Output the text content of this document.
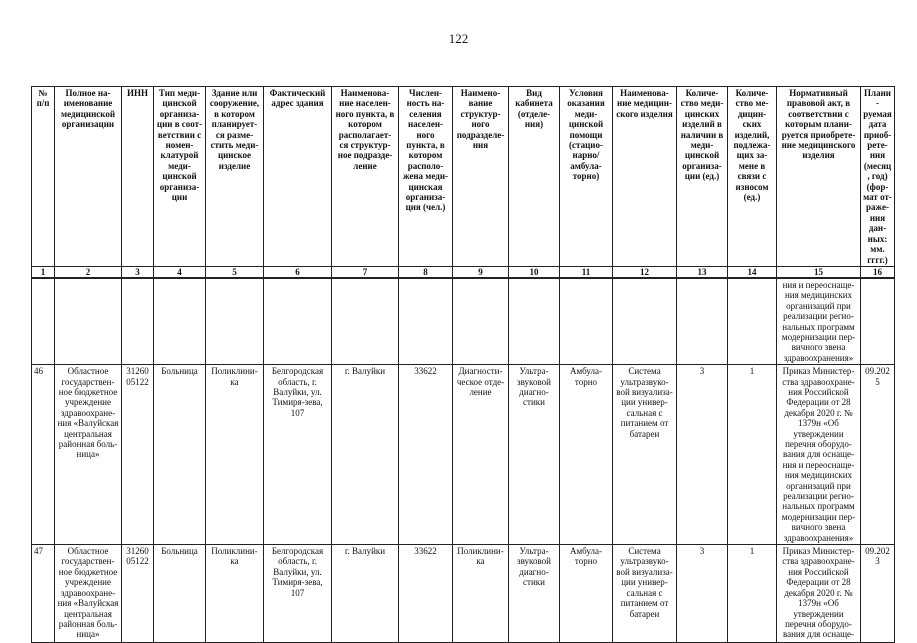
122
№ п/п	Полное на- именование медицинской организации	ИНН	Тип меди- цинской организа- ции в соот- ветствии с номен- клатурой меди- цинской организа- ции	Здание или сооружение, в котором планирует- ся разме- стить меди- цинское изделие	Фактический адрес здания	Наименова- ние населен- ного пункта, в котором располагает- ся структур- ное подразде- ление	Числен- ность на- селения населен- ного пункта, в котором располо- жена меди- цинская организа- ция (чел.)	Наимено- вание структур- ного подразделе- ния	Вид кабинета (отделе- ния)	Условия оказания меди- цинской помощи (стацио- нарно/ амбула- торно)	Наименова- ние медицин- ского изделия	Количе- ство меди- цинских изделий в наличии в меди- цинской организа- ции (ед.)	Количе- ство ме- дицин- ских изделий, подлежа- щих за- мене в связи с износом (ед.)	Нормативный правовой акт, в соответствии с которым плани- руется приобрете- ние медицинского изделия	Плани- руемая дата приоб- рете- ния (месяц, год) (фор- мат от- раже- ния дан- ных: мм. гггг.)
1	2	3	4	5	6	7	8	9	10	11	12	13	14	15	16
														ния и переоснаще- ния медицинских организаций при реализации регио- нальных программ модернизации пер- вичного звена здравоохранения»	
46	Областное государствен- ное бюджетное учреждение здравоохране- ния «Валуйская центральная районная боль- ница»	31260 05122	Больница	Поликлини- ка	Белгородская область, г. Валуйки, ул. Тимиря-зева, 107	г. Валуйки	33622	Диагности- ческое отде- ление	Ультра- звуковой диагно- стики	Амбула- торно	Система ультразвуко- вой визуализа- ции универ- сальная с питанием от батареи	3	1	Приказ Министер- ства здравоохране- ния Российской Федерации от 28 декабря 2020 г. № 1379н «Об утверждении перечня оборудо- вания для оснаще- ния и переоснаще- ния медицинских организаций при реализации регио- нальных программ модернизации пер- вичного звена здравоохранения»	09.2025
47	Областное государствен- ное бюджетное учреждение здравоохране- ния «Валуйская центральная районная боль- ница»	31260 05122	Больница	Поликлини- ка	Белгородская область, г. Валуйки, ул. Тимиря-зева, 107	г. Валуйки	33622	Поликлини- ка	Ультра- звуковой диагно- стики	Амбула- торно	Система ультразвуко- вой визуализа- ции универ- сальная с питанием от батареи	3	1	Приказ Министер- ства здравоохране- ния Российской Федерации от 28 декабря 2020 г. № 1379н «Об утверждении перечня оборудо- вания для оснаще-	09.2023
